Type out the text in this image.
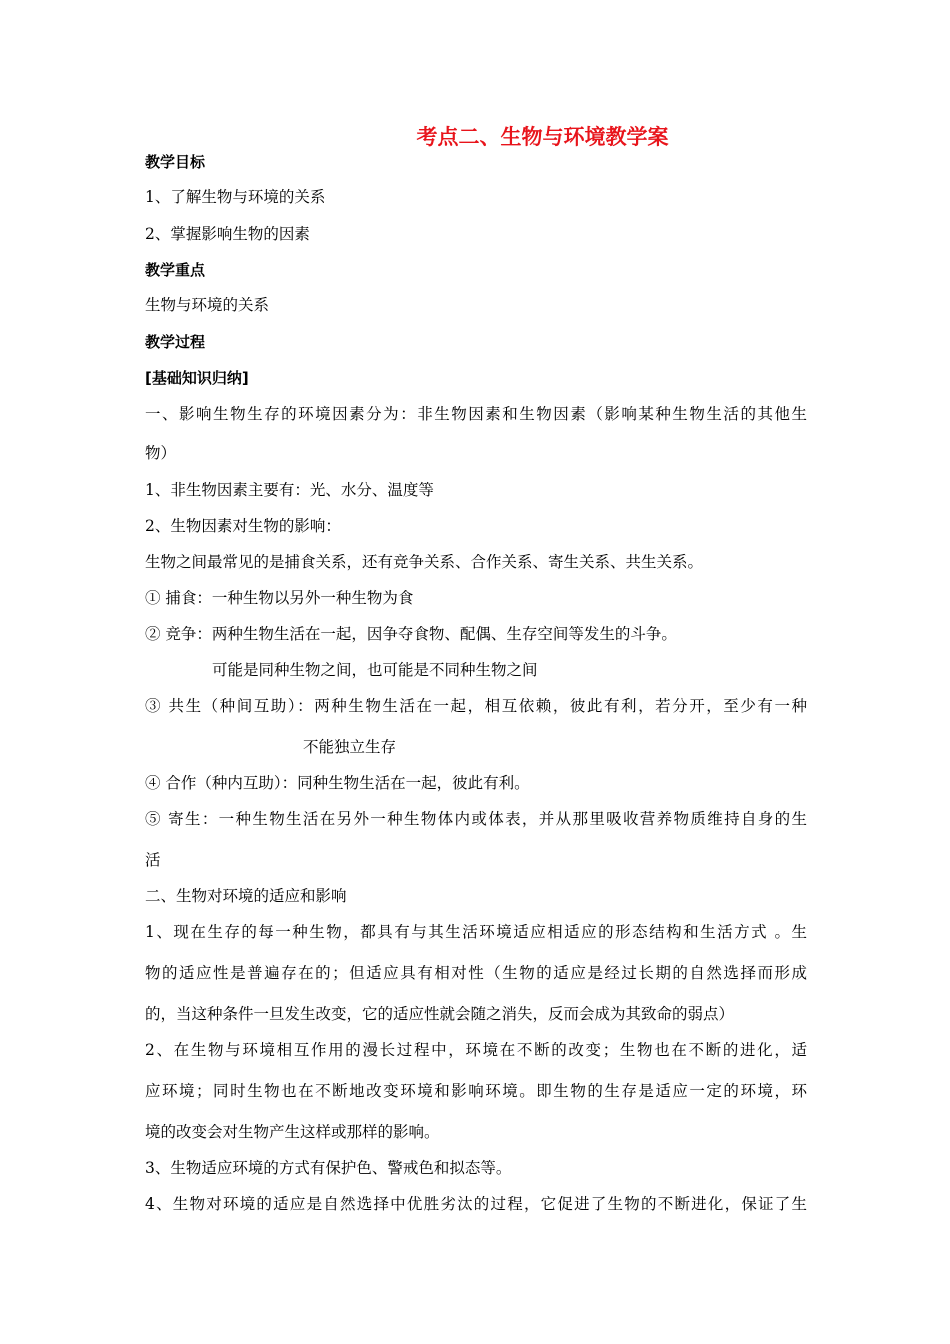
考点二、生物与环境教学案
教学目标
1、了解生物与环境的关系
2、掌握影响生物的因素
教学重点
生物与环境的关系
教学过程
[基础知识归纳]
一、影响生物生存的环境因素分为：非生物因素和生物因素（影响某种生物生活的其他生
物）
1、非生物因素主要有：光、水分、温度等
2、生物因素对生物的影响：
生物之间最常见的是捕食关系，还有竞争关系、合作关系、寄生关系、共生关系。
① 捕食：一种生物以另外一种生物为食
② 竞争：两种生物生活在一起，因争夺食物、配偶、生存空间等发生的斗争。
可能是同种生物之间，也可能是不同种生物之间
③ 共生（种间互助）：两种生物生活在一起，相互依赖，彼此有利，若分开，至少有一种
不能独立生存
④ 合作（种内互助）：同种生物生活在一起，彼此有利。
⑤ 寄生：一种生物生活在另外一种生物体内或体表，并从那里吸收营养物质维持自身的生
活
二、生物对环境的适应和影响
1、现在生存的每一种生物，都具有与其生活环境适应相适应的形态结构和生活方式 。生
物的适应性是普遍存在的；但适应具有相对性（生物的适应是经过长期的自然选择而形成
的，当这种条件一旦发生改变，它的适应性就会随之消失，反而会成为其致命的弱点）
2、在生物与环境相互作用的漫长过程中，环境在不断的改变；生物也在不断的进化，适
应环境；同时生物也在不断地改变环境和影响环境。即生物的生存是适应一定的环境，环
境的改变会对生物产生这样或那样的影响。
3、生物适应环境的方式有保护色、警戒色和拟态等。
4、生物对环境的适应是自然选择中优胜劣汰的过程，它促进了生物的不断进化，保证了生
